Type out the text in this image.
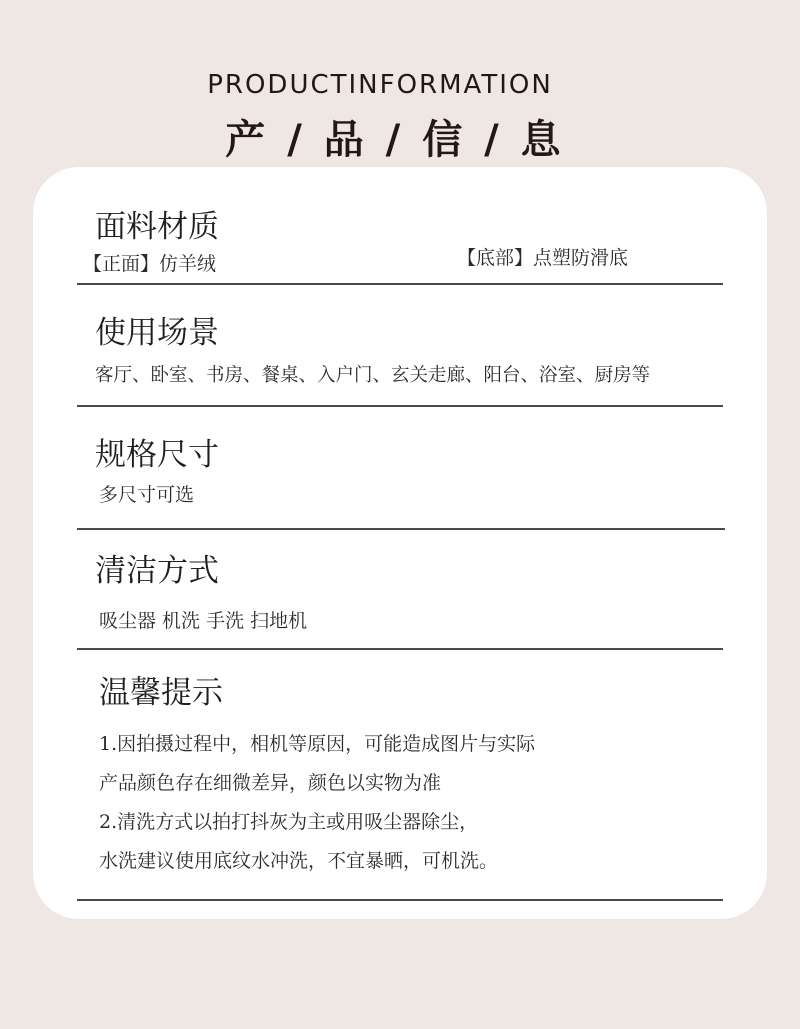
PRODUCTINFORMATION
产 / 品 / 信 / 息
面料材质
【正面】仿羊绒	【底部】点塑防滑底
使用场景
客厅、卧室、书房、餐桌、入户门、玄关走廊、阳台、浴室、厨房等
规格尺寸
多尺寸可选
清洁方式
吸尘器 机洗 手洗 扫地机
温馨提示
1.因拍摄过程中，相机等原因，可能造成图片与实际
产品颜色存在细微差异，颜色以实物为准
2.清洗方式以拍打抖灰为主或用吸尘器除尘，
水洗建议使用底纹水冲洗，不宜暴晒，可机洗。
